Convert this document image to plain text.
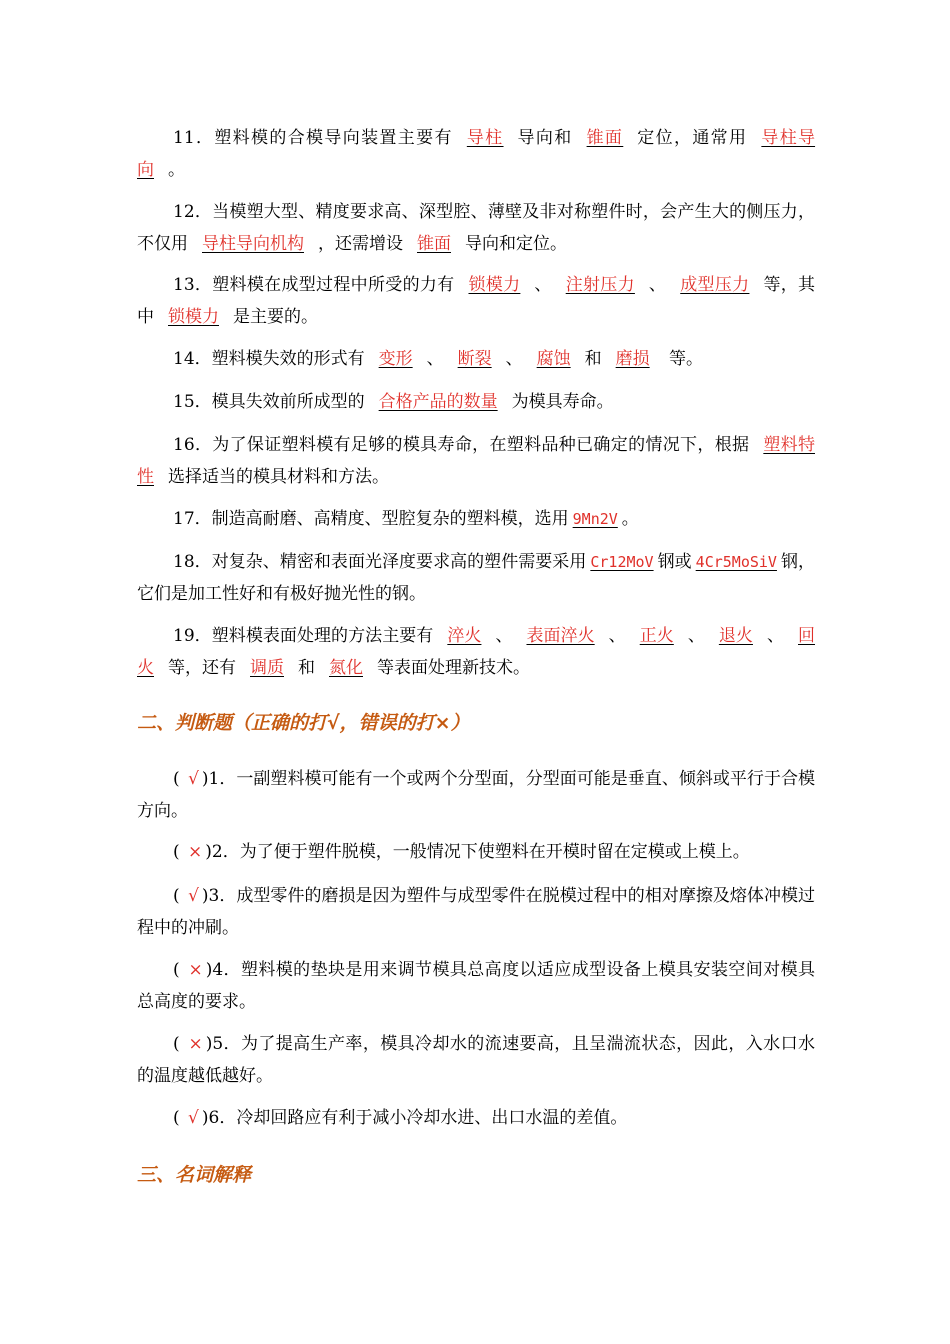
11．塑料模的合模导向装置主要有 导柱 导向和 锥面 定位，通常用 导柱导向 。
12．当模塑大型、精度要求高、深型腔、薄壁及非对称塑件时，会产生大的侧压力，不仅用 导柱导向机构 ，还需增设 锥面 导向和定位。
13．塑料模在成型过程中所受的力有 锁模力 、 注射压力 、 成型压力 等，其中 锁模力 是主要的。
14．塑料模失效的形式有 变形 、 断裂 、 腐蚀 和 磨损 等。
15．模具失效前所成型的 合格产品的数量 为模具寿命。
16．为了保证塑料模有足够的模具寿命，在塑料品种已确定的情况下，根据 塑料特性 选择适当的模具材料和方法。
17．制造高耐磨、高精度、型腔复杂的塑料模，选用 9Mn2V 。
18．对复杂、精密和表面光泽度要求高的塑件需要采用 Cr12MoV 钢或 4Cr5MoSiV 钢，它们是加工性好和有极好抛光性的钢。
19．塑料模表面处理的方法主要有 淬火 、 表面淬火 、 正火 、 退火 、 回火 等，还有 调质 和 氮化 等表面处理新技术。
二、判断题（正确的打√，错误的打×）
( √ )1．一副塑料模可能有一个或两个分型面，分型面可能是垂直、倾斜或平行于合模方向。
( × )2．为了便于塑件脱模，一般情况下使塑料在开模时留在定模或上模上。
( √ )3．成型零件的磨损是因为塑件与成型零件在脱模过程中的相对摩擦及熔体冲模过程中的冲刷。
( × )4．塑料模的垫块是用来调节模具总高度以适应成型设备上模具安装空间对模具总高度的要求。
( × )5．为了提高生产率，模具冷却水的流速要高，且呈湍流状态，因此，入水口水的温度越低越好。
( √ )6．冷却回路应有利于减小冷却水进、出口水温的差值。
三、名词解释
